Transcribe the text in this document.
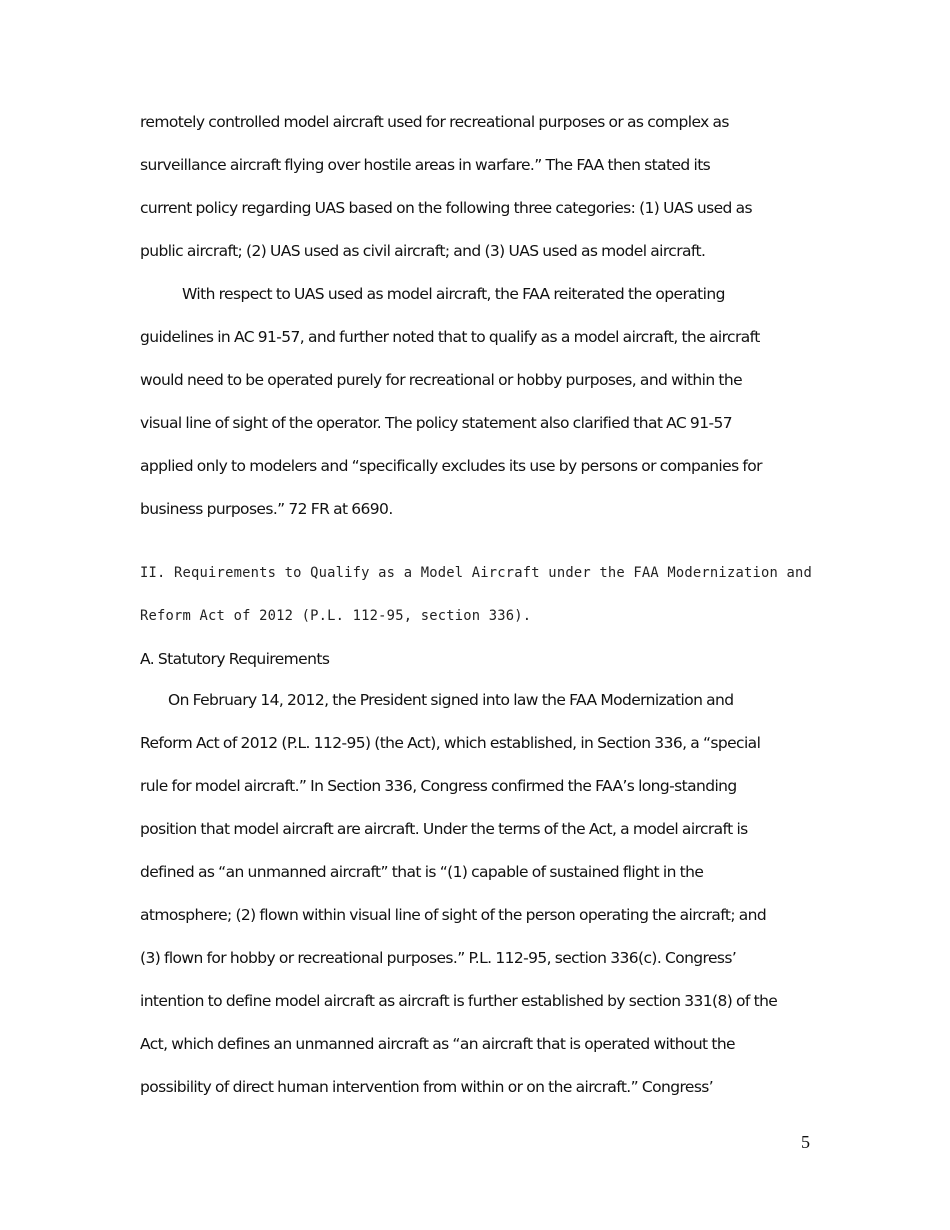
remotely controlled model aircraft used for recreational purposes or as complex as
surveillance aircraft flying over hostile areas in warfare.” The FAA then stated its
current policy regarding UAS based on the following three categories: (1) UAS used as
public aircraft; (2) UAS used as civil aircraft; and (3) UAS used as model aircraft.
With respect to UAS used as model aircraft, the FAA reiterated the operating
guidelines in AC 91-57, and further noted that to qualify as a model aircraft, the aircraft
would need to be operated purely for recreational or hobby purposes, and within the
visual line of sight of the operator. The policy statement also clarified that AC 91-57
applied only to modelers and “specifically excludes its use by persons or companies for
business purposes.” 72 FR at 6690.
II. Requirements to Qualify as a Model Aircraft under the FAA Modernization and
Reform Act of 2012 (P.L. 112-95, section 336).
A. Statutory Requirements
On February 14, 2012, the President signed into law the FAA Modernization and
Reform Act of 2012 (P.L. 112-95) (the Act), which established, in Section 336, a “special
rule for model aircraft.” In Section 336, Congress confirmed the FAA’s long-standing
position that model aircraft are aircraft. Under the terms of the Act, a model aircraft is
defined as “an unmanned aircraft” that is “(1) capable of sustained flight in the
atmosphere; (2) flown within visual line of sight of the person operating the aircraft; and
(3) flown for hobby or recreational purposes.” P.L. 112-95, section 336(c). Congress’
intention to define model aircraft as aircraft is further established by section 331(8) of the
Act, which defines an unmanned aircraft as “an aircraft that is operated without the
possibility of direct human intervention from within or on the aircraft.” Congress’
5
